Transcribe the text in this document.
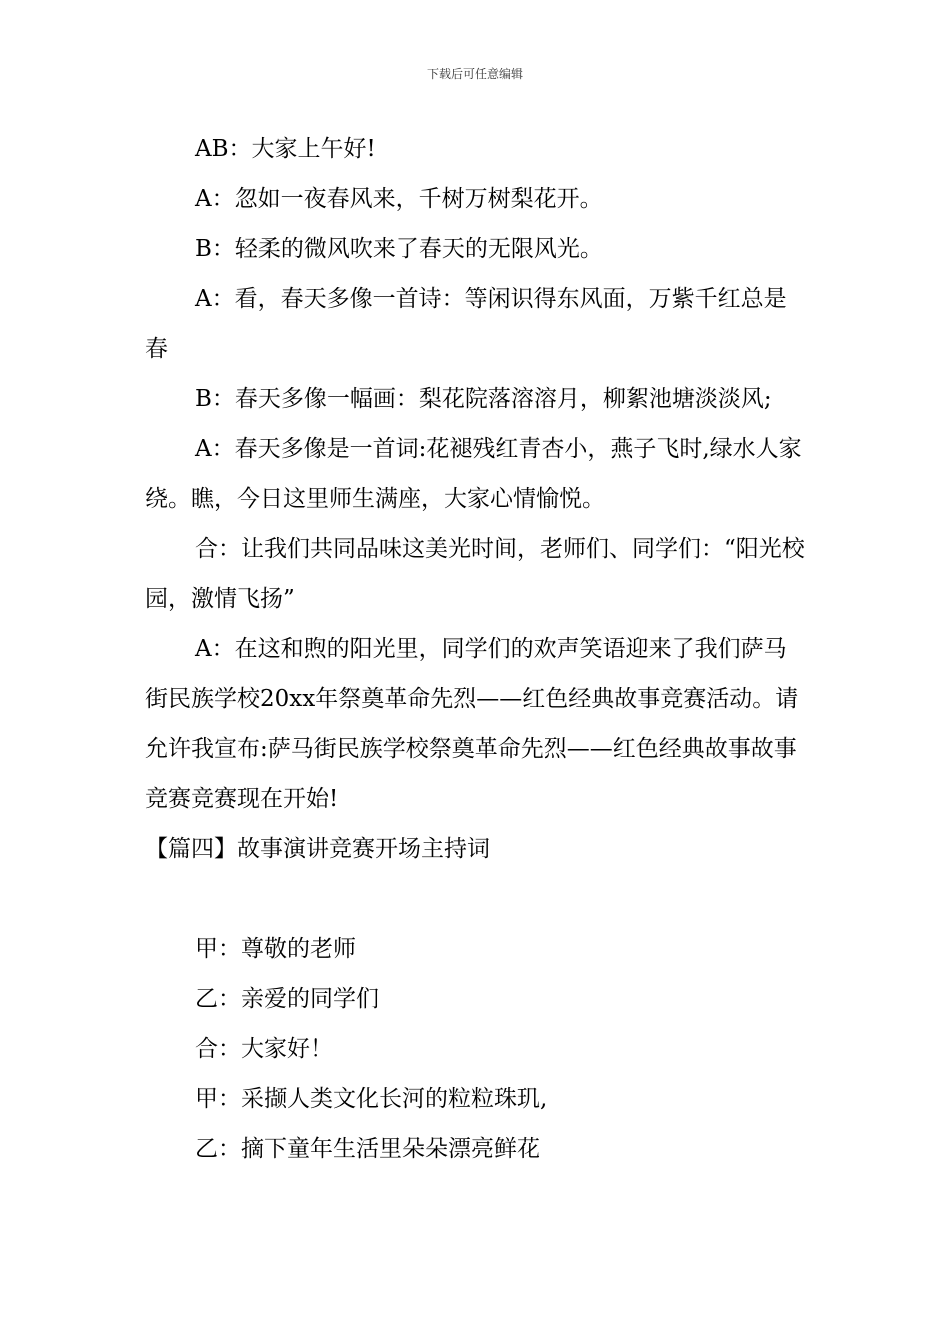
下载后可任意编辑

AB：大家上午好!

A：忽如一夜春风来，千树万树梨花开。

B：轻柔的微风吹来了春天的无限风光。

A：看，春天多像一首诗：等闲识得东风面，万紫千红总是春

B：春天多像一幅画：梨花院落溶溶月，柳絮池塘淡淡风;

A：春天多像是一首词:花褪残红青杏小，燕子飞时,绿水人家绕。瞧，今日这里师生满座，大家心情愉悦。

合：让我们共同品味这美光时间，老师们、同学们：“阳光校园，激情飞扬”

A：在这和煦的阳光里，同学们的欢声笑语迎来了我们萨马街民族学校20xx年祭奠革命先烈——红色经典故事竞赛活动。请允许我宣布:萨马街民族学校祭奠革命先烈——红色经典故事故事竞赛竞赛现在开始!

【篇四】故事演讲竞赛开场主持词

甲：尊敬的老师

乙：亲爱的同学们

合：大家好！

甲：采撷人类文化长河的粒粒珠玑,

乙：摘下童年生活里朵朵漂亮鲜花
